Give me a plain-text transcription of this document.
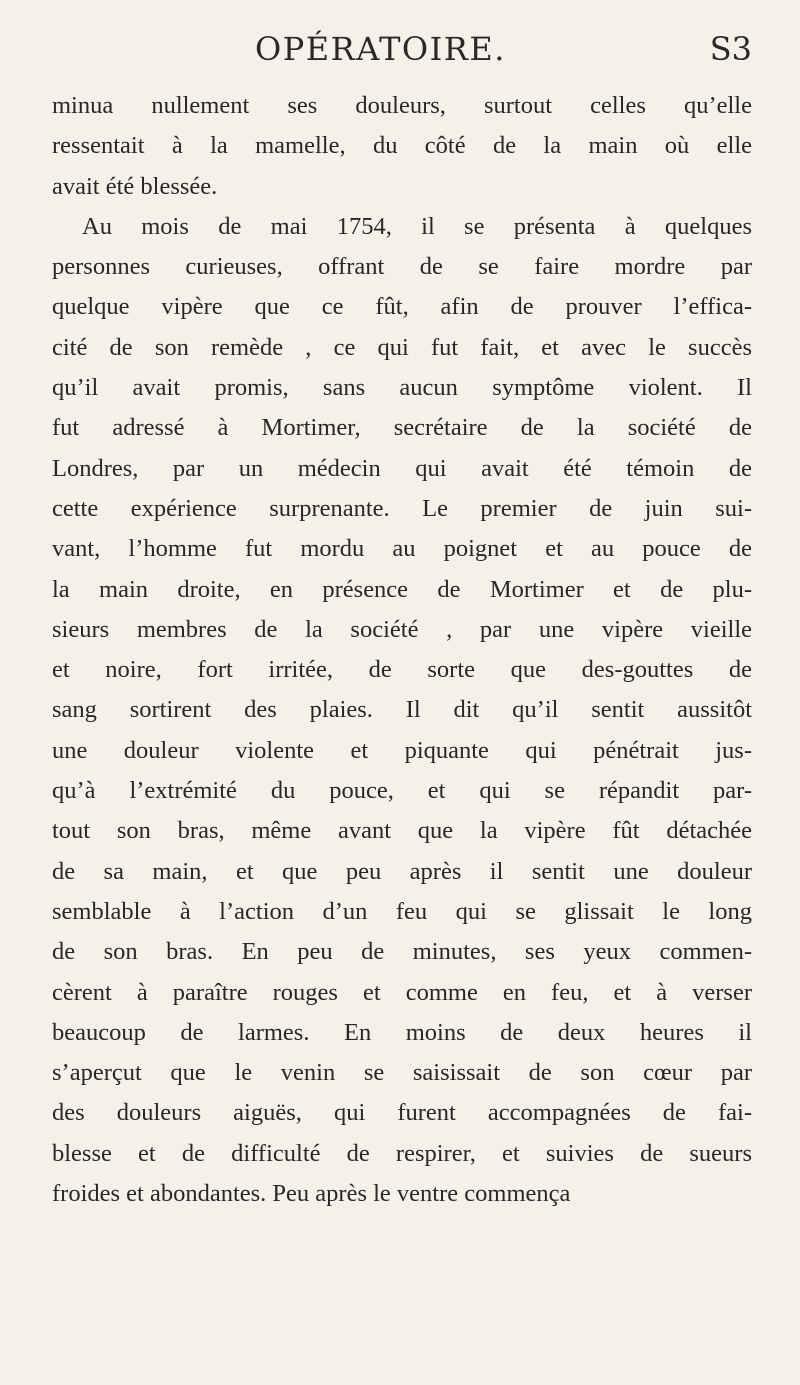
OPÉRATOIRE.	S3
minua nullement ses douleurs, surtout celles qu’elle
ressentait à la mamelle, du côté de la main où elle
avait été blessée.
Au mois de mai 1754, il se présenta à quelques
personnes curieuses, offrant de se faire mordre par
quelque vipère que ce fût, afin de prouver l’effica-
cité de son remède , ce qui fut fait, et avec le succès
qu’il avait promis, sans aucun symptôme violent. Il
fut adressé à Mortimer, secrétaire de la société de
Londres, par un médecin qui avait été témoin de
cette expérience surprenante. Le premier de juin sui-
vant, l’homme fut mordu au poignet et au pouce de
la main droite, en présence de Mortimer et de plu-
sieurs membres de la société , par une vipère vieille
et noire, fort irritée, de sorte que des-gouttes de
sang sortirent des plaies. Il dit qu’il sentit aussitôt
une douleur violente et piquante qui pénétrait jus-
qu’à l’extrémité du pouce, et qui se répandit par-
tout son bras, même avant que la vipère fût détachée
de sa main, et que peu après il sentit une douleur
semblable à l’action d’un feu qui se glissait le long
de son bras. En peu de minutes, ses yeux commen-
cèrent à paraître rouges et comme en feu, et à verser
beaucoup de larmes. En moins de deux heures il
s’aperçut que le venin se saisissait de son cœur par
des douleurs aiguës, qui furent accompagnées de fai-
blesse et de difficulté de respirer, et suivies de sueurs
froides et abondantes. Peu après le ventre commença
